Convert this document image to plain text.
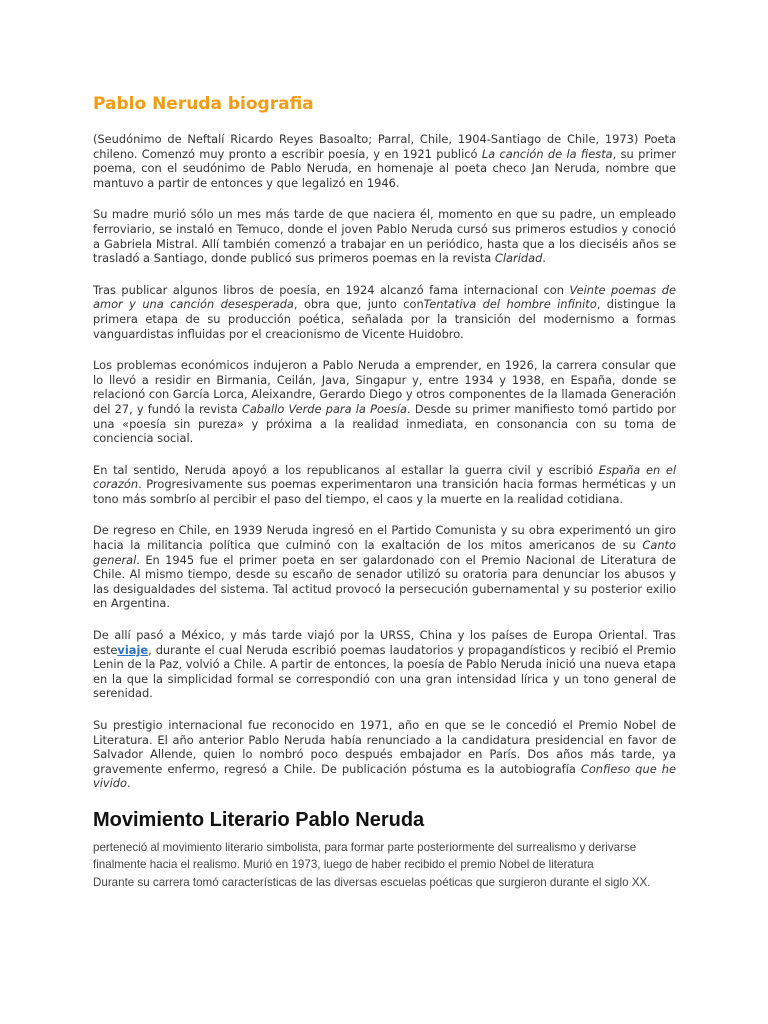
Pablo Neruda biografia

(Seudónimo de Neftalí Ricardo Reyes Basoalto; Parral, Chile, 1904-Santiago de Chile, 1973) Poeta chileno. Comenzó muy pronto a escribir poesía, y en 1921 publicó La canción de la fiesta, su primer poema, con el seudónimo de Pablo Neruda, en homenaje al poeta checo Jan Neruda, nombre que mantuvo a partir de entonces y que legalizó en 1946.

Su madre murió sólo un mes más tarde de que naciera él, momento en que su padre, un empleado ferroviario, se instaló en Temuco, donde el joven Pablo Neruda cursó sus primeros estudios y conoció a Gabriela Mistral. Allí también comenzó a trabajar en un periódico, hasta que a los dieciséis años se trasladó a Santiago, donde publicó sus primeros poemas en la revista Claridad.

Tras publicar algunos libros de poesía, en 1924 alcanzó fama internacional con Veinte poemas de amor y una canción desesperada, obra que, junto conTentativa del hombre infinito, distingue la primera etapa de su producción poética, señalada por la transición del modernismo a formas vanguardistas influidas por el creacionismo de Vicente Huidobro.

Los problemas económicos indujeron a Pablo Neruda a emprender, en 1926, la carrera consular que lo llevó a residir en Birmania, Ceilán, Java, Singapur y, entre 1934 y 1938, en España, donde se relacionó con García Lorca, Aleixandre, Gerardo Diego y otros componentes de la llamada Generación del 27, y fundó la revista Caballo Verde para la Poesía. Desde su primer manifiesto tomó partido por una «poesía sin pureza» y próxima a la realidad inmediata, en consonancia con su toma de conciencia social.

En tal sentido, Neruda apoyó a los republicanos al estallar la guerra civil y escribió España en el corazón. Progresivamente sus poemas experimentaron una transición hacia formas herméticas y un tono más sombrío al percibir el paso del tiempo, el caos y la muerte en la realidad cotidiana.

De regreso en Chile, en 1939 Neruda ingresó en el Partido Comunista y su obra experimentó un giro hacia la militancia política que culminó con la exaltación de los mitos americanos de su Canto general. En 1945 fue el primer poeta en ser galardonado con el Premio Nacional de Literatura de Chile. Al mismo tiempo, desde su escaño de senador utilizó su oratoria para denunciar los abusos y las desigualdades del sistema. Tal actitud provocó la persecución gubernamental y su posterior exilio en Argentina.

De allí pasó a México, y más tarde viajó por la URSS, China y los países de Europa Oriental. Tras esteviaje, durante el cual Neruda escribió poemas laudatorios y propagandísticos y recibió el Premio Lenin de la Paz, volvió a Chile. A partir de entonces, la poesía de Pablo Neruda inició una nueva etapa en la que la simplicidad formal se correspondió con una gran intensidad lírica y un tono general de serenidad.

Su prestigio internacional fue reconocido en 1971, año en que se le concedió el Premio Nobel de Literatura. El año anterior Pablo Neruda había renunciado a la candidatura presidencial en favor de Salvador Allende, quien lo nombró poco después embajador en París. Dos años más tarde, ya gravemente enfermo, regresó a Chile. De publicación póstuma es la autobiografía Confieso que he vivido.

Movimiento Literario Pablo Neruda
perteneció al movimiento literario simbolista, para formar parte posteriormente del surrealismo y derivarse finalmente hacia el realismo. Murió en 1973, luego de haber recibido el premio Nobel de literatura
Durante su carrera tomó características de las diversas escuelas poéticas que surgieron durante el siglo XX.
